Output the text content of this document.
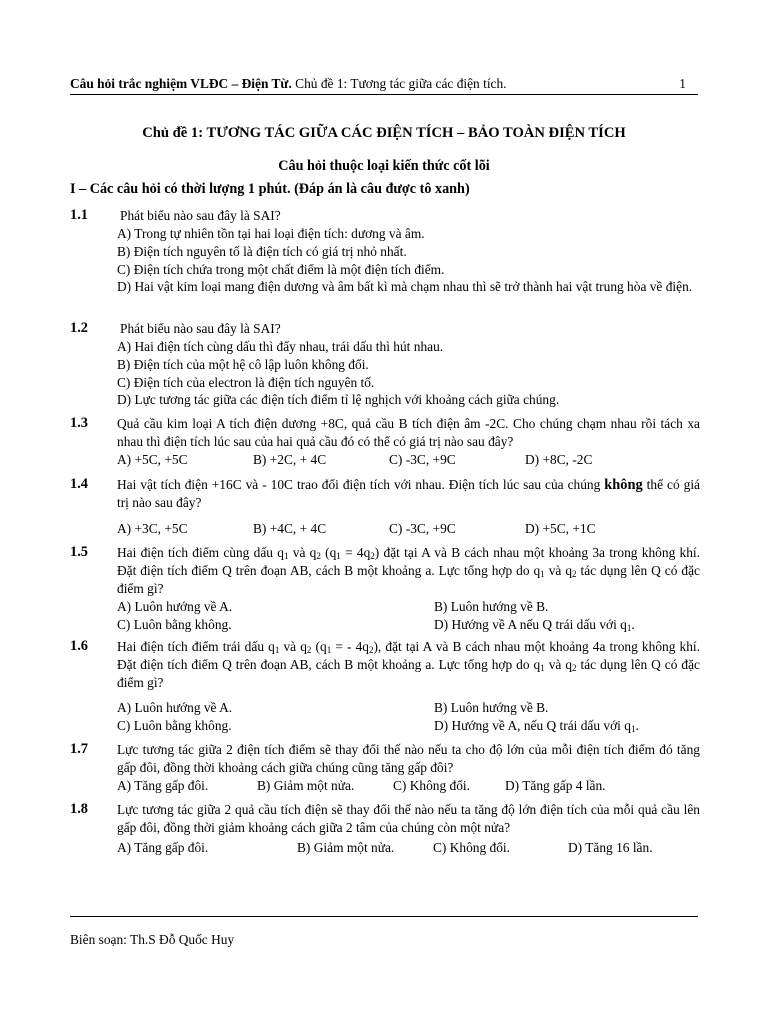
Câu hỏi trắc nghiệm VLĐC – Điện Từ. Chủ đề 1: Tương tác giữa các điện tích.	1
Chủ đề 1: TƯƠNG TÁC GIỮA CÁC ĐIỆN TÍCH – BẢO TOÀN ĐIỆN TÍCH
Câu hỏi thuộc loại kiến thức cốt lõi
I – Các câu hỏi có thời lượng 1 phút. (Đáp án là câu được tô xanh)
1.1	Phát biểu nào sau đây là SAI?
A) Trong tự nhiên tồn tại hai loại điện tích: dương và âm.
B) Điện tích nguyên tố là điện tích có giá trị nhỏ nhất.
C) Điện tích chứa trong một chất điểm là một điện tích điểm.
D) Hai vật kim loại mang điện dương và âm bất kì mà chạm nhau thì sẽ trở thành hai vật trung hòa về điện.
1.2	Phát biểu nào sau đây là SAI?
A) Hai điện tích cùng dấu thì đẩy nhau, trái dấu thì hút nhau.
B) Điện tích của một hệ cô lập luôn không đổi.
C) Điện tích của electron là điện tích nguyên tố.
D) Lực tương tác giữa các điện tích điểm tỉ lệ nghịch với khoảng cách giữa chúng.
1.3	Quả cầu kim loại A tích điện dương +8C, quả cầu B tích điện âm -2C. Cho chúng chạm nhau rồi tách xa nhau thì điện tích lúc sau của hai quả cầu đó có thể có giá trị nào sau đây?
A) +5C, +5C	B) +2C, + 4C	C) -3C, +9C	D) +8C, -2C
1.4	Hai vật tích điện +16C và - 10C trao đổi điện tích với nhau. Điện tích lúc sau của chúng không thể có giá trị nào sau đây?
A) +3C, +5C	B) +4C, + 4C	C) -3C, +9C	D) +5C, +1C
1.5	Hai điện tích điểm cùng dấu $q_1$ và $q_2$ $(q_1 = 4q_2)$ đặt tại A và B cách nhau một khoảng 3a trong không khí. Đặt điện tích điểm Q trên đoạn AB, cách B một khoảng a. Lực tổng hợp do $q_1$ và $q_2$ tác dụng lên Q có đặc điểm gì?
A) Luôn hướng về A.	B) Luôn hướng về B.
C) Luôn bằng không.	D) Hướng về A nếu Q trái dấu với $q_1$.
1.6	Hai điện tích điểm trái dấu $q_1$ và $q_2$ ($q_1$ = - $4q_2$), đặt tại A và B cách nhau một khoảng 4a trong không khí. Đặt điện tích điểm Q trên đoạn AB, cách B một khoảng a. Lực tổng hợp do $q_1$ và $q_2$ tác dụng lên Q có đặc điểm gì?
A) Luôn hướng về A.	B) Luôn hướng về B.
C) Luôn bằng không.	D) Hướng về A, nếu Q trái dấu với $q_1$.
1.7	Lực tương tác giữa 2 điện tích điểm sẽ thay đổi thế nào nếu ta cho độ lớn của mỗi điện tích điểm đó tăng gấp đôi, đồng thời khoảng cách giữa chúng cũng tăng gấp đôi?
A) Tăng gấp đôi.	B) Giảm một nửa.	C) Không đổi.	D) Tăng gấp 4 lần.
1.8	Lực tương tác giữa 2 quả cầu tích điện sẽ thay đổi thế nào nếu ta tăng độ lớn điện tích của mỗi quả cầu lên gấp đôi, đồng thời giảm khoảng cách giữa 2 tâm của chúng còn một nửa?
A) Tăng gấp đôi.	B) Giảm một nửa.	C) Không đổi.	D) Tăng 16 lần.
Biên soạn: Th.S Đỗ Quốc Huy
